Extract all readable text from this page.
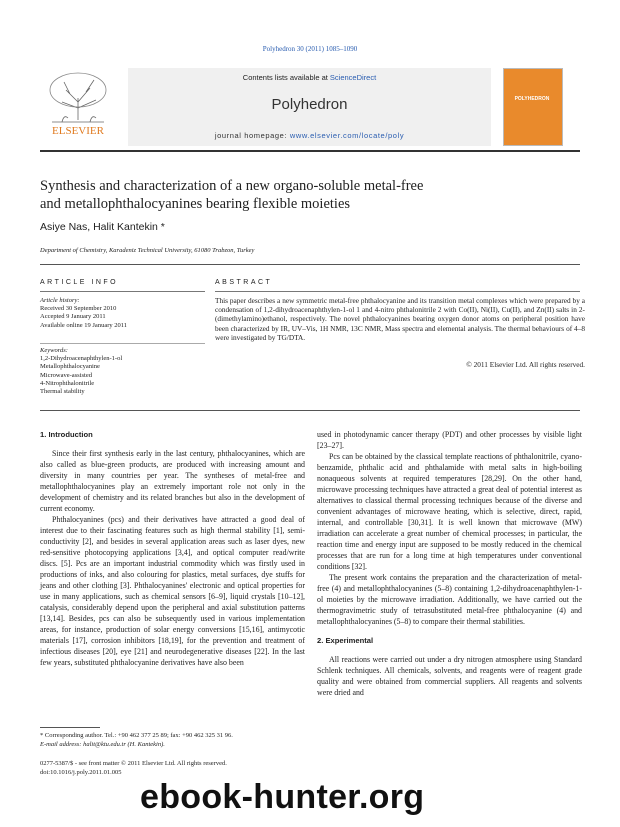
Polyhedron 30 (2011) 1085–1090
ELSEVIER
Contents lists available at ScienceDirect
Polyhedron
journal homepage: www.elsevier.com/locate/poly
POLYHEDRON
Synthesis and characterization of a new organo-soluble metal-free
and metallophthalocyanines bearing flexible moieties
Asiye Nas, Halit Kantekin *
Department of Chemistry, Karadeniz Technical University, 61080 Trabzon, Turkey
ARTICLE INFO	ABSTRACT
Article history:
Received 30 September 2010
Accepted 9 January 2011
Available online 19 January 2011
Keywords:
1,2-Dihydroacenaphthylen-1-ol
Metallophthalocyanine
Microwave-assisted
4-Nitrophthalonitrile
Thermal stability
This paper describes a new symmetric metal-free phthalocyanine and its transition metal complexes which were prepared by a condensation of 1,2-dihydroacenaphthylen-1-ol 1 and 4-nitro phthalonitrile 2 with Co(II), Ni(II), Cu(II), and Zn(II) salts in 2-(dimethylamino)ethanol, respectively. The novel phthalocyanines bearing oxygen donor atoms on peripheral position have been characterized by IR, UV–Vis, 1H NMR, 13C NMR, Mass spectra and elemental analysis. The thermal behaviours of 4–8 were investigated by TG/DTA.
© 2011 Elsevier Ltd. All rights reserved.
1. Introduction

Since their first synthesis early in the last century, phthalocyanines, which are also called as blue-green products, are produced with increasing amount and diversity in many countries per year. The syntheses of metal-free and metallophthalocyanines play an extremely important role not only in the development of chemistry and its related branches but also in the development of current economy.

Phthalocyanines (pcs) and their derivatives have attracted a good deal of interest due to their fascinating features such as high thermal stability [1], semi-conductivity [2], and besides in several application areas such as laser dyes, new red-sensitive photocopying applications [3,4], and optical computer read/write discs. [5]. Pcs are an important industrial commodity which was firstly used in productions of inks, and also colouring for plastics, metal surfaces, dye stuffs for jeans and other clothing [3]. Phthalocyanines' electronic and optical properties for use in many applications, such as chemical sensors [6–9], liquid crystals [10–12], catalysis, considerably depend upon the peripheral and axial substitution patterns [13,14]. Besides, pcs can also be subsequently used in various implementation areas, for instance, production of solar energy conversions [15,16], antimycotic materials [17], corrosion inhibitors [18,19], for the prevention and treatment of infectious diseases [20], eye [21] and neurodegenerative diseases [22]. In the last few years, substituted phthalocyanine derivatives have also been

used in photodynamic cancer therapy (PDT) and other processes by visible light [23–27].

Pcs can be obtained by the classical template reactions of phthalonitrile, cyano-benzamide, phthalic acid and phthalamide with metal salts in high-boiling nonaqueous solvents at required temperatures [28,29]. On the other hand, microwave processing techniques have attracted a great deal of potential interest as alternatives to classical thermal processing techniques because of the diverse and convenient advantages of microwave heating, which is selective, direct, rapid, internal, and controllable [30,31]. It is well known that microwave (MW) irradiation can accelerate a great number of chemical processes; in particular, the reaction time and energy input are supposed to be mostly reduced in the chemical processes that are run for a long time at high temperatures under conventional conditions [32].

The present work contains the preparation and the characterization of metal-free (4) and metallophthalocyanines (5–8) containing 1,2-dihydroacenaphthylen-1-ol moieties by the microwave irradiation. Additionally, we have carried out the thermogravimetric study of tetrasubstituted metal-free phthalocyanine (4) and metallophthalocyanines (5–8) to compare their thermal stabilities.

2. Experimental

All reactions were carried out under a dry nitrogen atmosphere using Standard Schlenk techniques. All chemicals, solvents, and reagents were of reagent grade quality and were obtained from commercial suppliers. All reagents and solvents were dried and

* Corresponding author. Tel.: +90 462 377 25 89; fax: +90 462 325 31 96.
E-mail address: halit@ktu.edu.tr (H. Kantekin).
0277-5387/$ - see front matter © 2011 Elsevier Ltd. All rights reserved.
doi:10.1016/j.poly.2011.01.005
ebook-hunter.org
